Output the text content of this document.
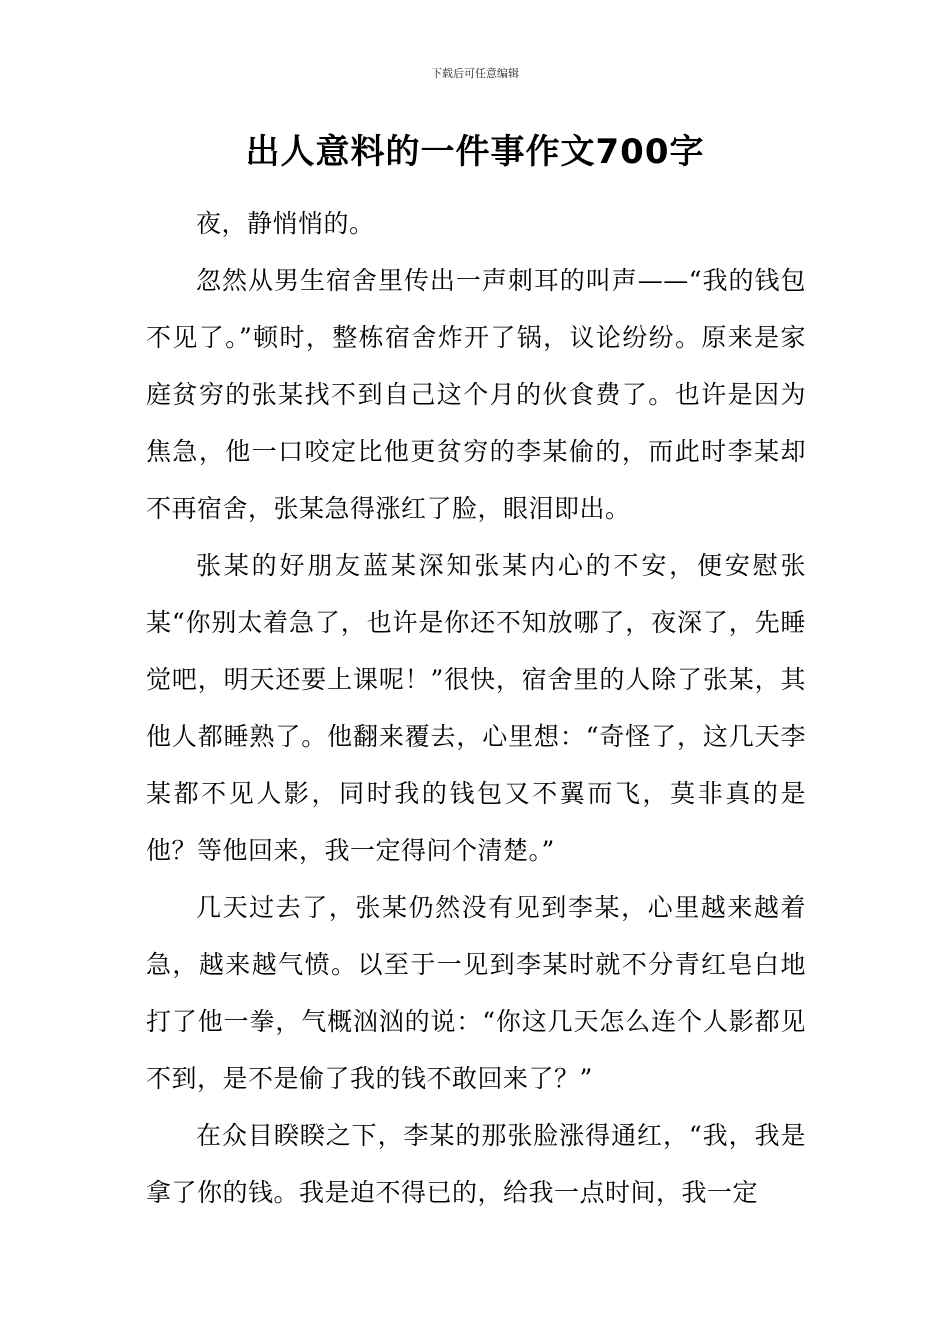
下载后可任意编辑
出人意料的一件事作文700字

夜，静悄悄的。

忽然从男生宿舍里传出一声刺耳的叫声——“我的钱包不见了。”顿时，整栋宿舍炸开了锅，议论纷纷。原来是家庭贫穷的张某找不到自己这个月的伙食费了。也许是因为焦急，他一口咬定比他更贫穷的李某偷的，而此时李某却不再宿舍，张某急得涨红了脸，眼泪即出。

张某的好朋友蓝某深知张某内心的不安，便安慰张某“你别太着急了，也许是你还不知放哪了，夜深了，先睡觉吧，明天还要上课呢！”很快，宿舍里的人除了张某，其他人都睡熟了。他翻来覆去，心里想：“奇怪了，这几天李某都不见人影，同时我的钱包又不翼而飞，莫非真的是他？等他回来，我一定得问个清楚。”

几天过去了，张某仍然没有见到李某，心里越来越着急，越来越气愤。以至于一见到李某时就不分青红皂白地打了他一拳，气概汹汹的说：“你这几天怎么连个人影都见不到，是不是偷了我的钱不敢回来了？”

在众目睽睽之下，李某的那张脸涨得通红，“我，我是拿了你的钱。我是迫不得已的，给我一点时间，我一定
